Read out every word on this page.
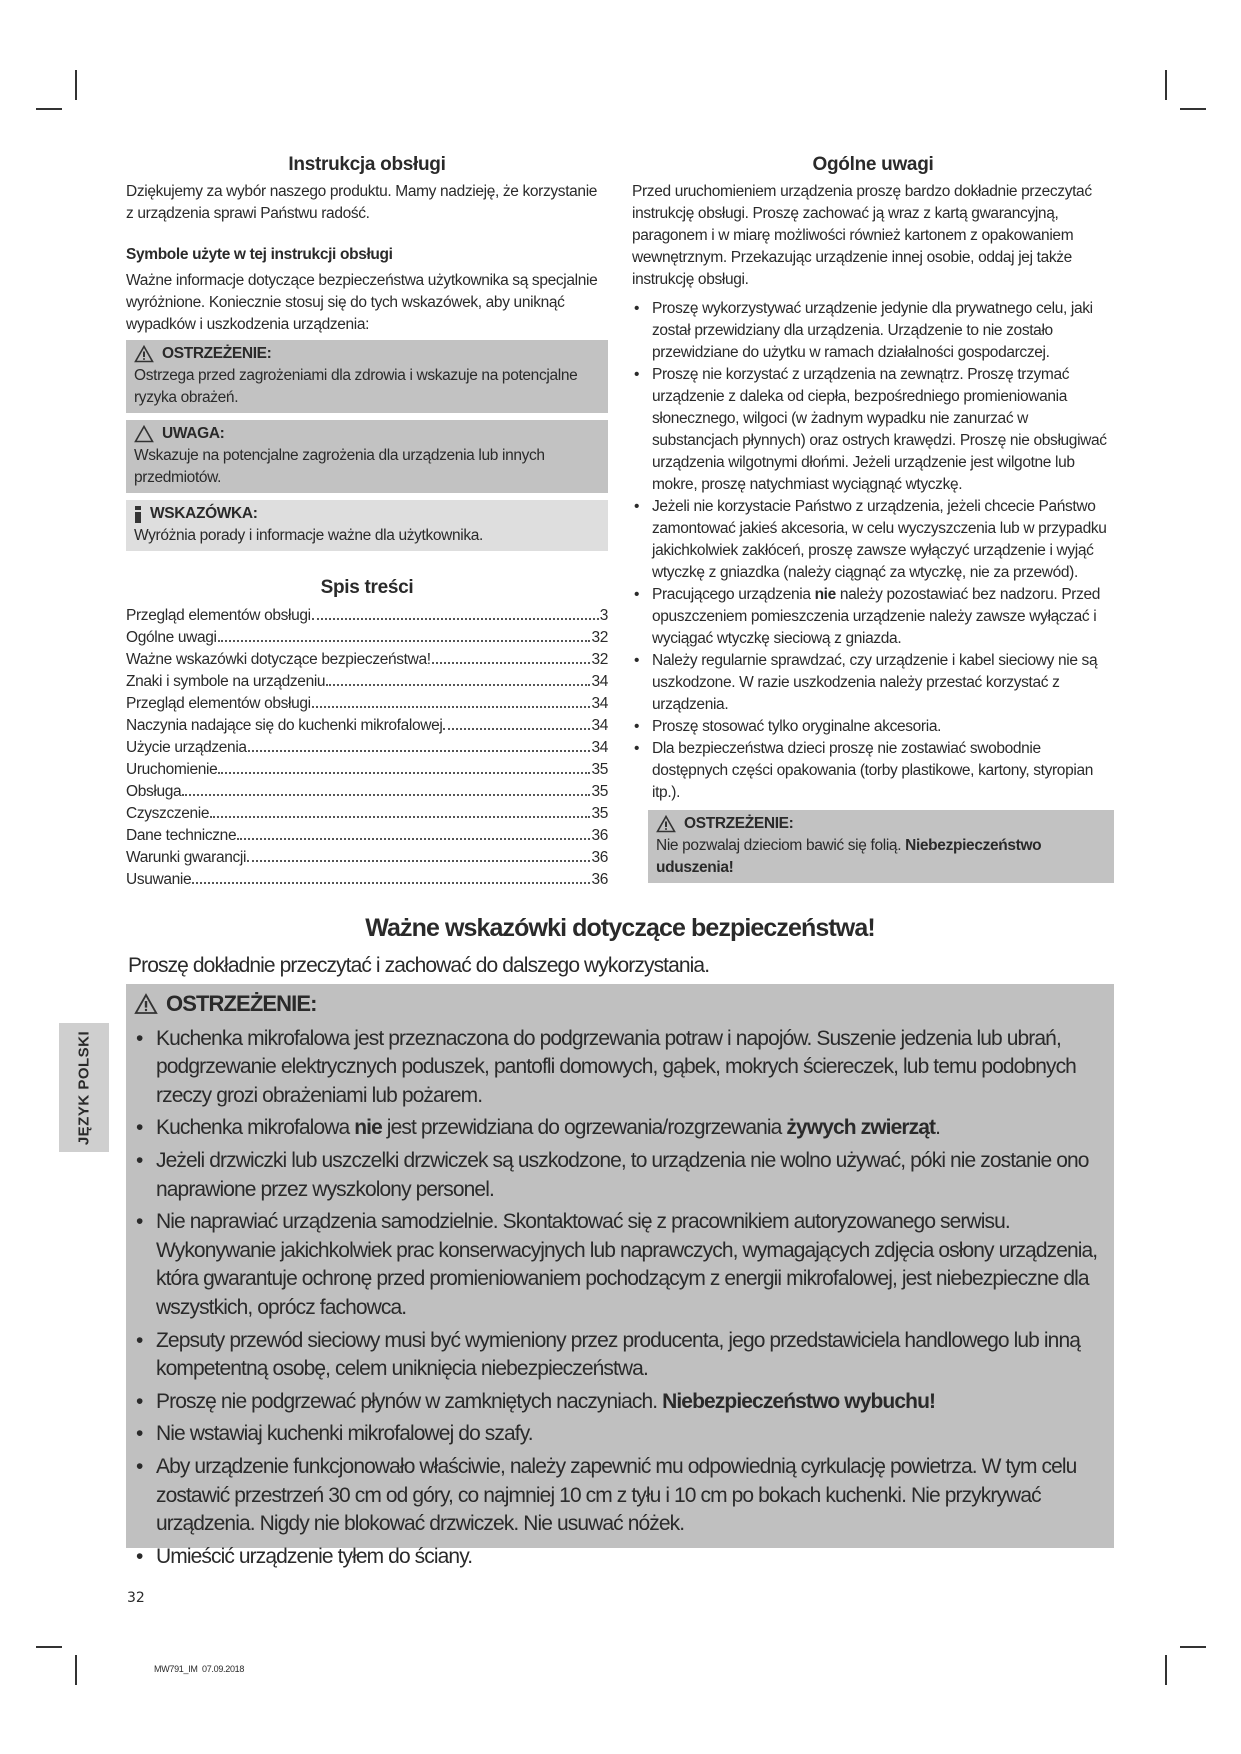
Instrukcja obsługi

Dziękujemy za wybór naszego produktu. Mamy nadzieję, że korzystanie z urządzenia sprawi Państwu radość.

Symbole użyte w tej instrukcji obsługi

Ważne informacje dotyczące bezpieczeństwa użytkownika są specjalnie wyróżnione. Koniecznie stosuj się do tych wskazówek, aby uniknąć wypadków i uszkodzenia urządzenia:

OSTRZEŻENIE:

Ostrzega przed zagrożeniami dla zdrowia i wskazuje na potencjalne ryzyka obrażeń.

UWAGA:

Wskazuje na potencjalne zagrożenia dla urządzenia lub innych przedmiotów.

WSKAZÓWKA:

Wyróżnia porady i informacje ważne dla użytkownika.

Spis treści
Przegląd elementów obsługi	3
Ogólne uwagi	32
Ważne wskazówki dotyczące bezpieczeństwa!	32
Znaki i symbole na urządzeniu	34
Przegląd elementów obsługi	34
Naczynia nadające się do kuchenki mikrofalowej	34
Użycie urządzenia	34
Uruchomienie	35
Obsługa	35
Czyszczenie	35
Dane techniczne	36
Warunki gwarancji	36
Usuwanie	36
Ogólne uwagi

Przed uruchomieniem urządzenia proszę bardzo dokładnie przeczytać instrukcję obsługi. Proszę zachować ją wraz z kartą gwarancyjną, paragonem i w miarę możliwości również kartonem z opakowaniem wewnętrznym. Przekazując urządzenie innej osobie, oddaj jej także instrukcję obsługi.

• Proszę wykorzystywać urządzenie jedynie dla prywatnego celu, jaki został przewidziany dla urządzenia. Urządzenie to nie zostało przewidziane do użytku w ramach działalności gospodarczej.
• Proszę nie korzystać z urządzenia na zewnątrz. Proszę trzymać urządzenie z daleka od ciepła, bezpośredniego promieniowania słonecznego, wilgoci (w żadnym wypadku nie zanurzać w substancjach płynnych) oraz ostrych krawędzi. Proszę nie obsługiwać urządzenia wilgotnymi dłońmi. Jeżeli urządzenie jest wilgotne lub mokre, proszę natychmiast wyciągnąć wtyczkę.
• Jeżeli nie korzystacie Państwo z urządzenia, jeżeli chcecie Państwo zamontować jakieś akcesoria, w celu wyczyszczenia lub w przypadku jakichkolwiek zakłóceń, proszę zawsze wyłączyć urządzenie i wyjąć wtyczkę z gniazdka (należy ciągnąć za wtyczkę, nie za przewód).
• Pracującego urządzenia nie należy pozostawiać bez nadzoru. Przed opuszczeniem pomieszczenia urządzenie należy zawsze wyłączać i wyciągać wtyczkę sieciową z gniazda.
• Należy regularnie sprawdzać, czy urządzenie i kabel sieciowy nie są uszkodzone. W razie uszkodzenia należy przestać korzystać z urządzenia.
• Proszę stosować tylko oryginalne akcesoria.
• Dla bezpieczeństwa dzieci proszę nie zostawiać swobodnie dostępnych części opakowania (torby plastikowe, kartony, styropian itp.).
OSTRZEŻENIE:

Nie pozwalaj dzieciom bawić się folią. Niebezpieczeństwo uduszenia!

Ważne wskazówki dotyczące bezpieczeństwa!
Proszę dokładnie przeczytać i zachować do dalszego wykorzystania.
OSTRZEŻENIE:
• Kuchenka mikrofalowa jest przeznaczona do podgrzewania potraw i napojów. Suszenie jedzenia lub ubrań, podgrzewanie elektrycznych poduszek, pantofli domowych, gąbek, mokrych ściereczek, lub temu podobnych rzeczy grozi obrażeniami lub pożarem.
• Kuchenka mikrofalowa nie jest przewidziana do ogrzewania/rozgrzewania żywych zwierząt.
• Jeżeli drzwiczki lub uszczelki drzwiczek są uszkodzone, to urządzenia nie wolno używać, póki nie zostanie ono naprawione przez wyszkolony personel.
• Nie naprawiać urządzenia samodzielnie. Skontaktować się z pracownikiem autoryzowanego serwisu. Wykonywanie jakichkolwiek prac konserwacyjnych lub naprawczych, wymagających zdjęcia osłony urządzenia, która gwarantuje ochronę przed promieniowaniem pochodzącym z energii mikrofalowej, jest niebezpieczne dla wszystkich, oprócz fachowca.
• Zepsuty przewód sieciowy musi być wymieniony przez producenta, jego przedstawiciela handlowego lub inną kompetentną osobę, celem uniknięcia niebezpieczeństwa.
• Proszę nie podgrzewać płynów w zamkniętych naczyniach. Niebezpieczeństwo wybuchu!
• Nie wstawiaj kuchenki mikrofalowej do szafy.
• Aby urządzenie funkcjonowało właściwie, należy zapewnić mu odpowiednią cyrkulację powietrza. W tym celu zostawić przestrzeń 30 cm od góry, co najmniej 10 cm z tyłu i 10 cm po bokach kuchenki. Nie przykrywać urządzenia. Nigdy nie blokować drzwiczek. Nie usuwać nóżek.
• Umieścić urządzenie tyłem do ściany.
JĘZYK POLSKI
32
MW791_IM  07.09.2018
